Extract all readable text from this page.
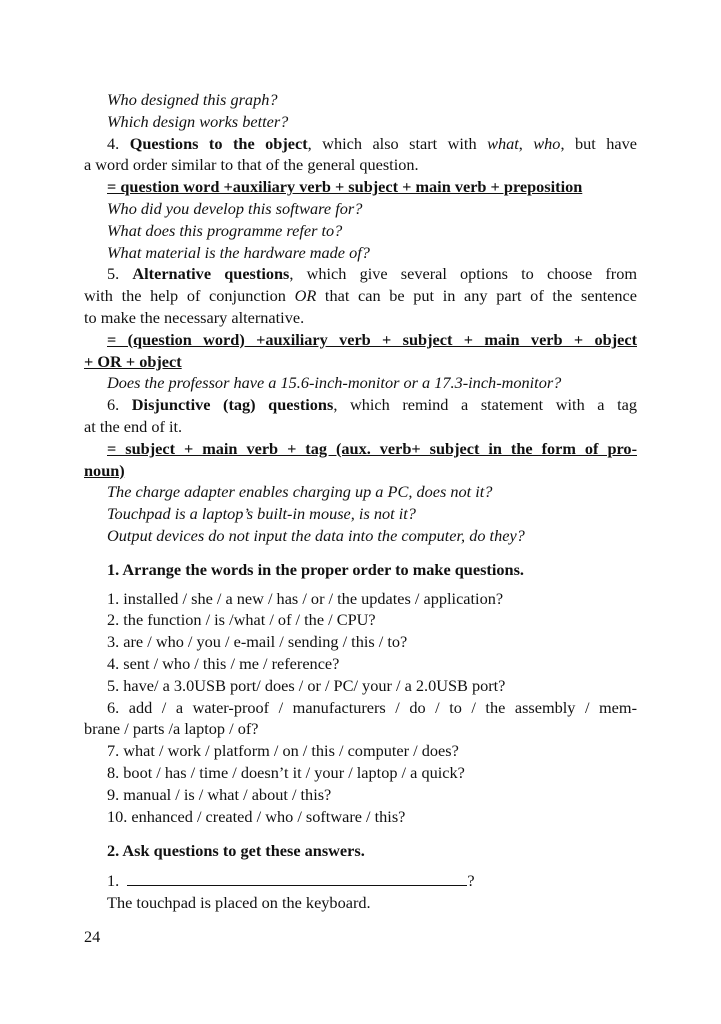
Who designed this graph?
Which design works better?
4. Questions to the object, which also start with what, who, but have
a word order similar to that of the general question.
= question word +auxiliary verb + subject + main verb + preposition
Who did you develop this software for?
What does this programme refer to?
What material is the hardware made of?
5. Alternative questions, which give several options to choose from
with the help of conjunction OR that can be put in any part of the sentence
to make the necessary alternative.
= (question word) +auxiliary verb + subject + main verb + object
+ OR + object
Does the professor have a 15.6-inch-monitor or a 17.3-inch-monitor?
6. Disjunctive (tag) questions, which remind a statement with a tag
at the end of it.
= subject + main verb + tag (aux. verb+ subject in the form of pro-
noun)
The charge adapter enables charging up a PC, does not it?
Touchpad is a laptop’s built-in mouse, is not it?
Output devices do not input the data into the computer, do they?
1. Arrange the words in the proper order to make questions.
1. installed / she / a new / has / or / the updates / application?
2. the function / is /what / of / the / CPU?
3. are / who / you / e-mail / sending / this / to?
4. sent / who / this / me / reference?
5. have/ a 3.0USB port/ does / or / PC/ your / a 2.0USB port?
6. add / a water-proof / manufacturers / do / to / the assembly / mem-
brane / parts /a laptop / of?
7. what / work / platform / on / this / computer / does?
8. boot / has / time / doesn’t it / your / laptop / a quick?
9. manual / is / what / about / this?
10. enhanced / created / who / software / this?
2. Ask questions to get these answers.
1.	?
The touchpad is placed on the keyboard.
24
